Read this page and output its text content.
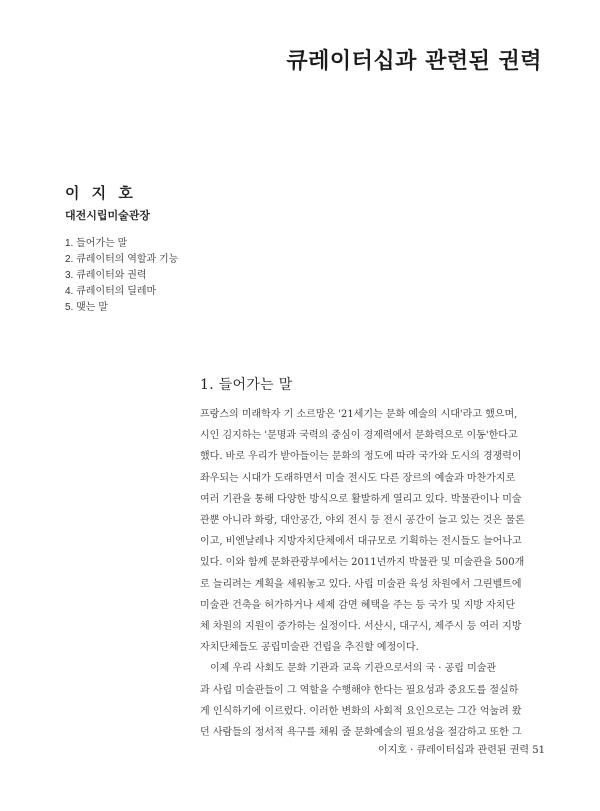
큐레이터십과 관련된 권력
이 지 호
대전시립미술관장
1. 들어가는 말
2. 큐레이터의 역할과 기능
3. 큐레이터와 권력
4. 큐레이터의 딜레마
5. 맺는 말
1. 들어가는 말

프랑스의 미래학자 기 소르망은 '21세기는 문화 예술의 시대'라고 했으며,

시인 김지하는 '문명과 국력의 중심이 경제력에서 문화력으로 이동'한다고

했다. 바로 우리가 받아들이는 문화의 정도에 따라 국가와 도시의 경쟁력이

좌우되는 시대가 도래하면서 미술 전시도 다른 장르의 예술과 마찬가지로

여러 기관을 통해 다양한 방식으로 활발하게 열리고 있다. 박물관이나 미술

관뿐 아니라 화랑, 대안공간, 야외 전시 등 전시 공간이 늘고 있는 것은 물론

이고, 비엔날레나 지방자치단체에서 대규모로 기획하는 전시들도 늘어나고

있다. 이와 함께 문화관광부에서는 2011년까지 박물관 및 미술관을 500개

로 늘리려는 계획을 세워놓고 있다. 사립 미술관 육성 차원에서 그린벨트에

미술관 건축을 허가하거나 세제 감면 혜택을 주는 등 국가 및 지방 자치단

체 차원의 지원이 증가하는 실정이다. 서산시, 대구시, 제주시 등 여러 지방

자치단체들도 공립미술관 건립을 추진할 예정이다.

이제 우리 사회도 문화 기관과 교육 기관으로서의 국 · 공립 미술관

과 사립 미술관들이 그 역할을 수행해야 한다는 필요성과 중요도를 절실하

게 인식하기에 이르렀다. 이러한 변화의 사회적 요인으로는 그간 억눌려 왔

던 사람들의 정서적 욕구를 채워 줄 문화예술의 필요성을 절감하고 또한 그

이지호 · 큐레이터십과 관련된 권력 51
